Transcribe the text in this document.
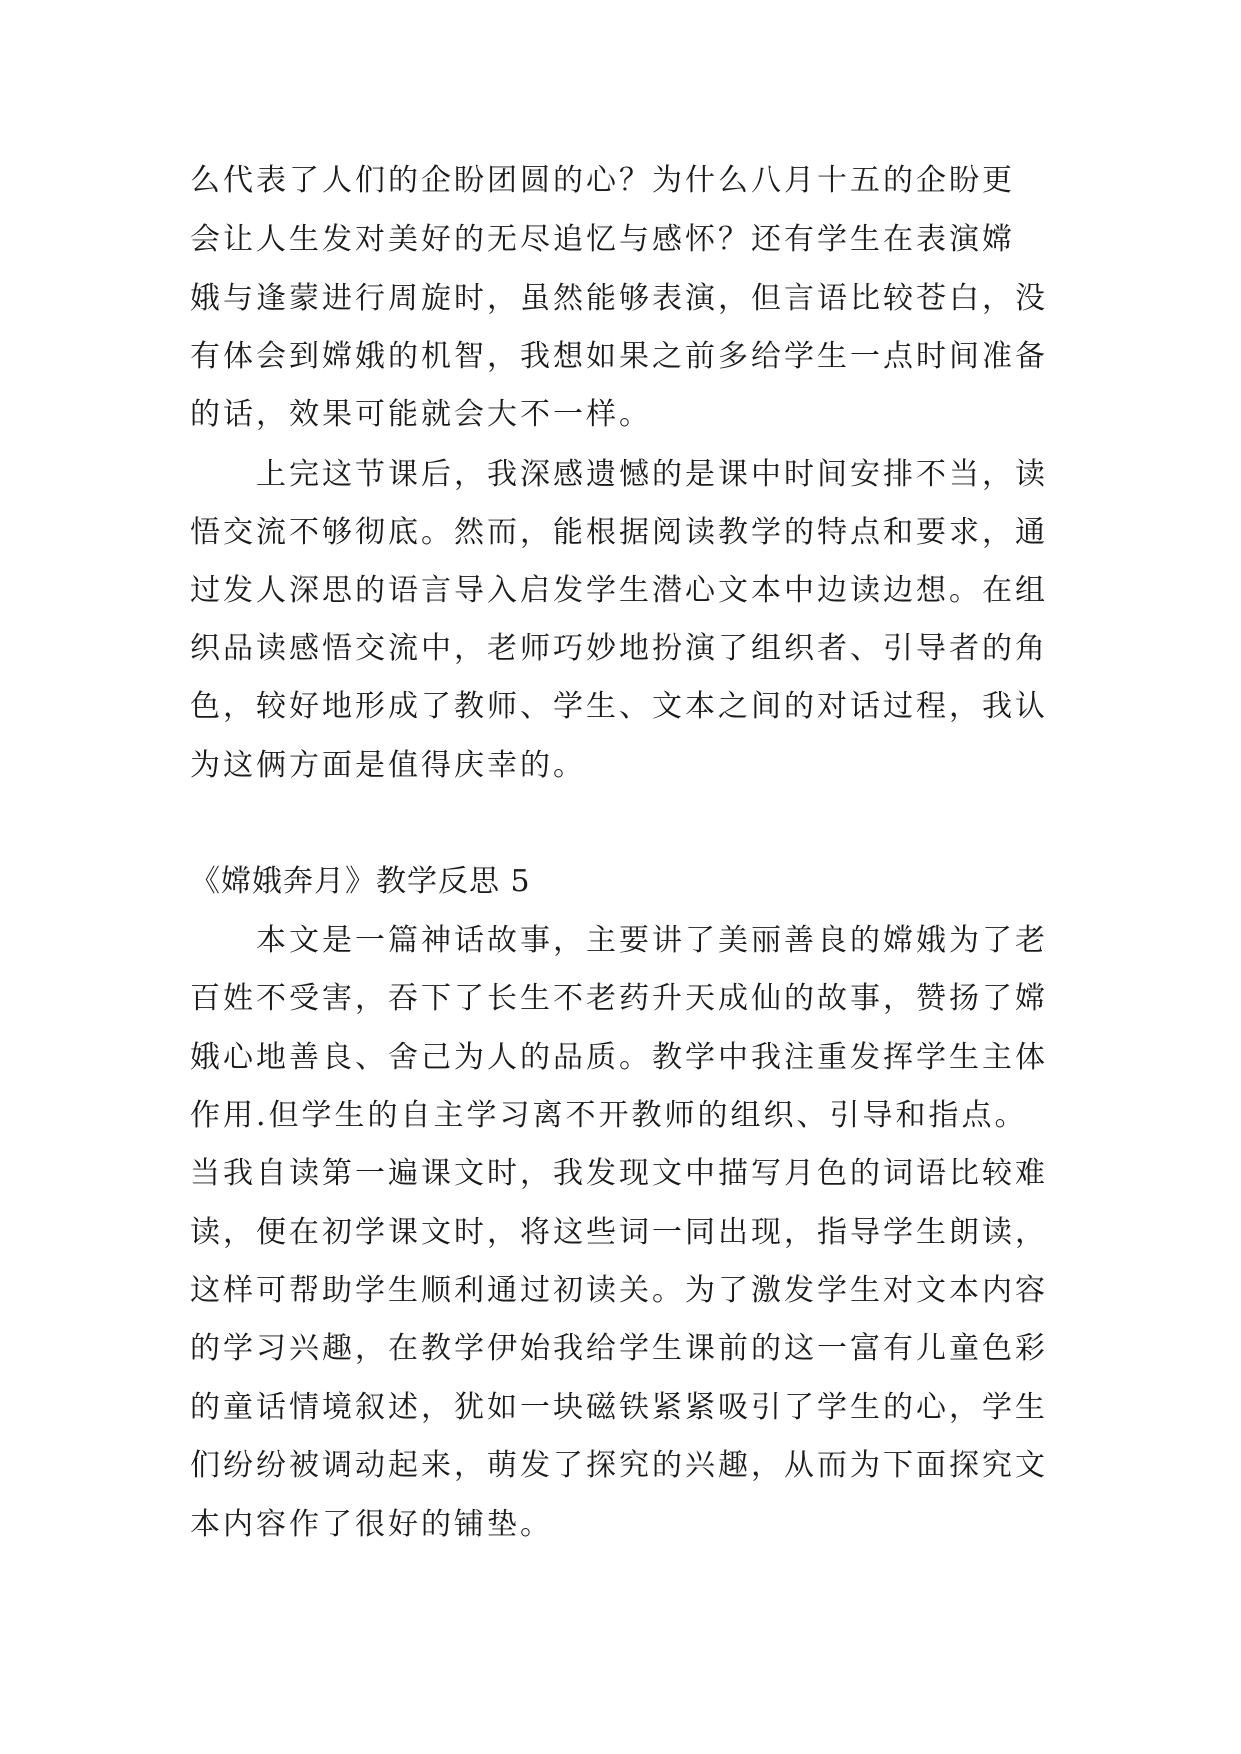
么代表了人们的企盼团圆的心？为什么八月十五的企盼更
会让人生发对美好的无尽追忆与感怀？还有学生在表演嫦
娥与逢蒙进行周旋时，虽然能够表演，但言语比较苍白，没
有体会到嫦娥的机智，我想如果之前多给学生一点时间准备
的话，效果可能就会大不一样。
上完这节课后，我深感遗憾的是课中时间安排不当，读
悟交流不够彻底。然而，能根据阅读教学的特点和要求，通
过发人深思的语言导入启发学生潜心文本中边读边想。在组
织品读感悟交流中，老师巧妙地扮演了组织者、引导者的角
色，较好地形成了教师、学生、文本之间的对话过程，我认
为这俩方面是值得庆幸的。
《嫦娥奔月》教学反思 5
本文是一篇神话故事，主要讲了美丽善良的嫦娥为了老
百姓不受害，吞下了长生不老药升天成仙的故事，赞扬了嫦
娥心地善良、舍己为人的品质。教学中我注重发挥学生主体
作用.但学生的自主学习离不开教师的组织、引导和指点。
当我自读第一遍课文时，我发现文中描写月色的词语比较难
读，便在初学课文时，将这些词一同出现，指导学生朗读，
这样可帮助学生顺利通过初读关。为了激发学生对文本内容
的学习兴趣，在教学伊始我给学生课前的这一富有儿童色彩
的童话情境叙述，犹如一块磁铁紧紧吸引了学生的心，学生
们纷纷被调动起来，萌发了探究的兴趣，从而为下面探究文
本内容作了很好的铺垫。
